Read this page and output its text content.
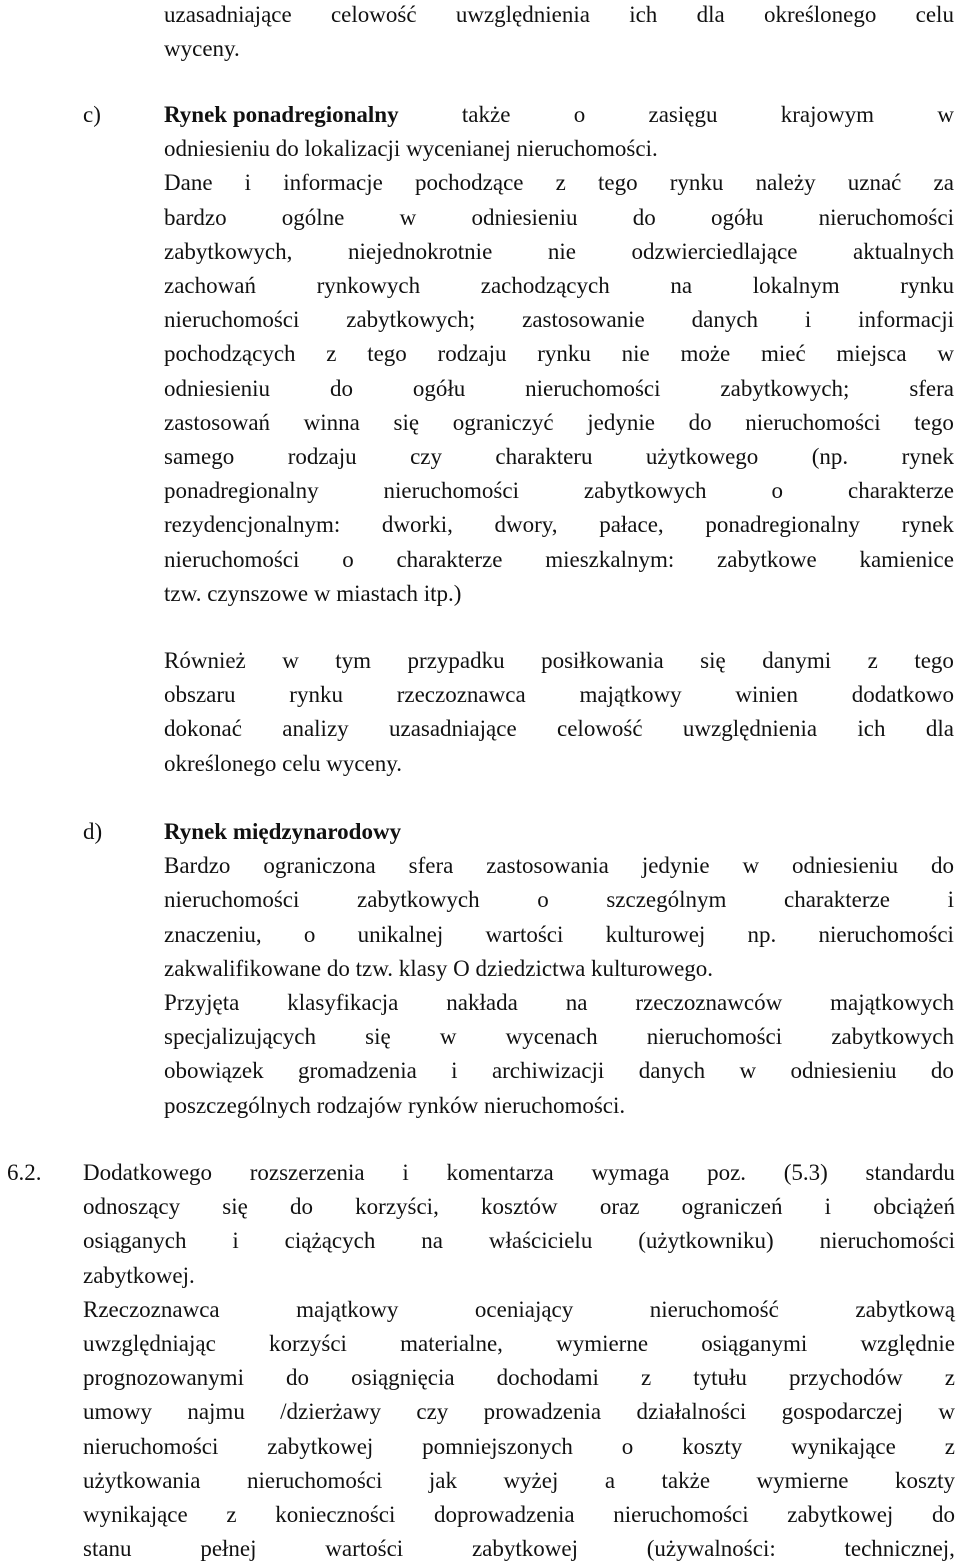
uzasadniające celowość uwzględnienia ich dla określonego celu
wyceny.
c)	Rynek ponadregionalny	także	o	zasięgu	krajowym	w
odniesieniu do lokalizacji wycenianej nieruchomości.
Dane i informacje pochodzące z tego rynku należy uznać za
bardzo ogólne w odniesieniu do ogółu nieruchomości
zabytkowych, niejednokrotnie nie odzwierciedlające aktualnych
zachowań	rynkowych	zachodzących	na	lokalnym	rynku
nieruchomości zabytkowych; zastosowanie danych i informacji
pochodzących z tego rodzaju rynku nie może mieć miejsca w
odniesieniu	do	ogółu	nieruchomości	zabytkowych;	sfera
zastosowań winna się ograniczyć jedynie do nieruchomości tego
samego rodzaju czy charakteru użytkowego (np. rynek
ponadregionalny	nieruchomości	zabytkowych	o	charakterze
rezydencjonalnym: dworki, dwory, pałace, ponadregionalny rynek
nieruchomości o charakterze mieszkalnym: zabytkowe kamienice
tzw. czynszowe w miastach itp.)
Również w tym przypadku posiłkowania się danymi z tego
obszaru rynku rzeczoznawca majątkowy winien dodatkowo
dokonać analizy uzasadniające celowość uwzględnienia ich dla
określonego celu wyceny.
d)	Rynek międzynarodowy
Bardzo ograniczona sfera zastosowania jedynie w odniesieniu do
nieruchomości	zabytkowych	o	szczególnym	charakterze	i
znaczeniu, o unikalnej wartości kulturowej np. nieruchomości
zakwalifikowane do tzw. klasy O dziedzictwa kulturowego.
Przyjęta klasyfikacja nakłada na rzeczoznawców majątkowych
specjalizujących się w wycenach nieruchomości zabytkowych
obowiązek gromadzenia i archiwizacji danych w odniesieniu do
poszczególnych rodzajów rynków nieruchomości.
6.2. Dodatkowego rozszerzenia i komentarza wymaga poz. (5.3) standardu
odnoszący się do korzyści, kosztów oraz ograniczeń i obciążeń
osiąganych i ciążących na właścicielu (użytkowniku) nieruchomości
zabytkowej.
Rzeczoznawca	majątkowy	oceniający	nieruchomość	zabytkową
uwzględniając korzyści materialne, wymierne osiąganymi względnie
prognozowanymi do osiągnięcia dochodami z tytułu przychodów z
umowy najmu /dzierżawy czy prowadzenia działalności gospodarczej w
nieruchomości zabytkowej pomniejszonych o koszty wynikające z
użytkowania nieruchomości jak wyżej a także wymierne koszty
wynikające z konieczności doprowadzenia nieruchomości zabytkowej do
stanu	pełnej	wartości	zabytkowej	(używalności:	technicznej,
